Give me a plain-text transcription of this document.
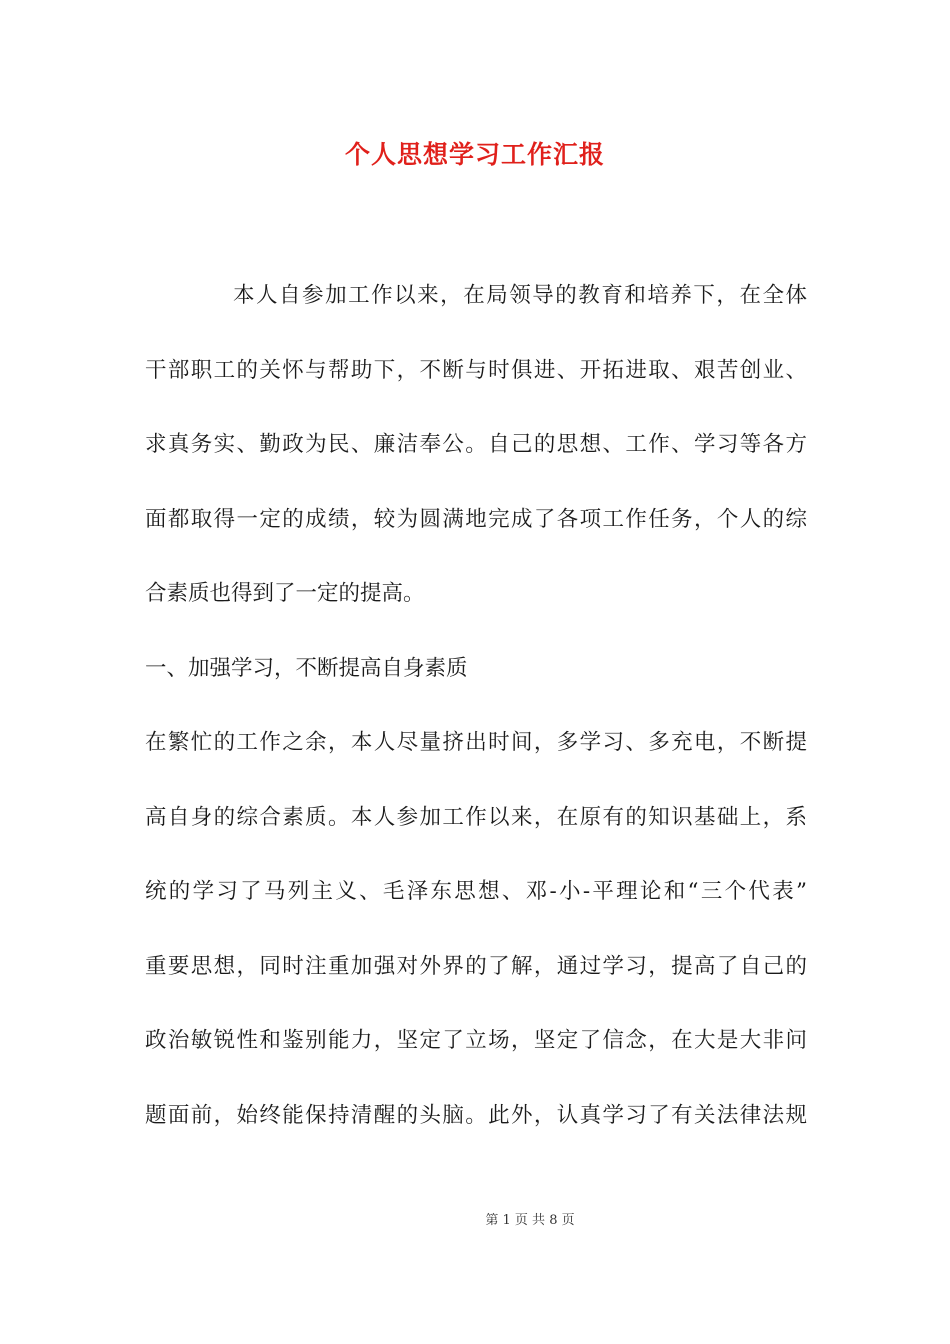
个人思想学习工作汇报
本人自参加工作以来，在局领导的教育和培养下，在全体
干部职工的关怀与帮助下，不断与时俱进、开拓进取、艰苦创业、
求真务实、勤政为民、廉洁奉公。自己的思想、工作、学习等各方
面都取得一定的成绩，较为圆满地完成了各项工作任务，个人的综
合素质也得到了一定的提高。
一、加强学习，不断提高自身素质
在繁忙的工作之余，本人尽量挤出时间，多学习、多充电，不断提
高自身的综合素质。本人参加工作以来，在原有的知识基础上，系
统的学习了马列主义、毛泽东思想、邓-小-平理论和“三个代表”
重要思想，同时注重加强对外界的了解，通过学习，提高了自己的
政治敏锐性和鉴别能力，坚定了立场，坚定了信念，在大是大非问
题面前，始终能保持清醒的头脑。此外，认真学习了有关法律法规
第 1 页 共 8 页
